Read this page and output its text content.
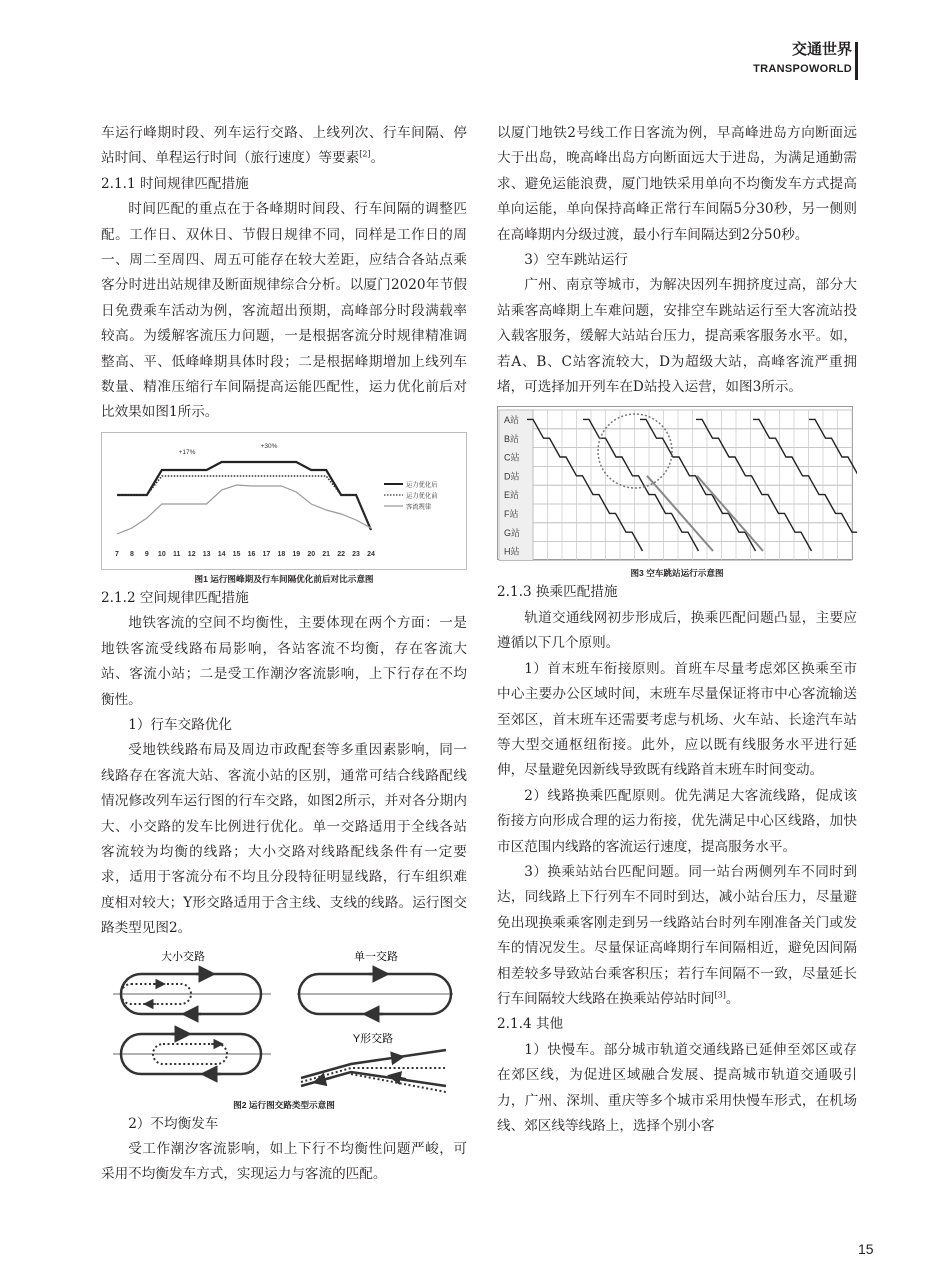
交通世界
TRANSPOWORLD

车运行峰期时段、列车运行交路、上线列次、行车间隔、停站时间、单程运行时间（旅行速度）等要素[2]。

2.1.1 时间规律匹配措施

时间匹配的重点在于各峰期时间段、行车间隔的调整匹配。工作日、双休日、节假日规律不同，同样是工作日的周一、周二至周四、周五可能存在较大差距，应结合各站点乘客分时进出站规律及断面规律综合分析。以厦门2020年节假日免费乘车活动为例，客流超出预期，高峰部分时段满载率较高。为缓解客流压力问题，一是根据客流分时规律精准调整高、平、低峰峰期具体时段；二是根据峰期增加上线列车数量、精准压缩行车间隔提高运能匹配性，运力优化前后对比效果如图1所示。

+17%
+30%
运力优化后
运力优化前
客流规律
7 8 9 10 11 12 13 14 15 16 17 18 19 20 21 22 23 24
图1 运行图峰期及行车间隔优化前后对比示意图

2.1.2 空间规律匹配措施

地铁客流的空间不均衡性，主要体现在两个方面：一是地铁客流受线路布局影响，各站客流不均衡，存在客流大站、客流小站；二是受工作潮汐客流影响，上下行存在不均衡性。

1）行车交路优化

受地铁线路布局及周边市政配套等多重因素影响，同一线路存在客流大站、客流小站的区别，通常可结合线路配线情况修改列车运行图的行车交路，如图2所示，并对各分期内大、小交路的发车比例进行优化。单一交路适用于全线各站客流较为均衡的线路；大小交路对线路配线条件有一定要求，适用于客流分布不均且分段特征明显线路，行车组织难度相对较大；Y形交路适用于含主线、支线的线路。运行图交路类型见图2。

大小交路	单一交路
Y形交路
图2 运行图交路类型示意图

2）不均衡发车

受工作潮汐客流影响，如上下行不均衡性问题严峻，可采用不均衡发车方式，实现运力与客流的匹配。

以厦门地铁2号线工作日客流为例，早高峰进岛方向断面远大于出岛，晚高峰出岛方向断面远大于进岛，为满足通勤需求、避免运能浪费，厦门地铁采用单向不均衡发车方式提高单向运能，单向保持高峰正常行车间隔5分30秒，另一侧则在高峰期内分级过渡，最小行车间隔达到2分50秒。

3）空车跳站运行

广州、南京等城市，为解决因列车拥挤度过高，部分大站乘客高峰期上车难问题，安排空车跳站运行至大客流站投入载客服务，缓解大站站台压力，提高乘客服务水平。如，若A、B、C站客流较大，D为超级大站，高峰客流严重拥堵，可选择加开列车在D站投入运营，如图3所示。

A站
B站
C站
D站
E站
F站
G站
H站
图3 空车跳站运行示意图

2.1.3 换乘匹配措施

轨道交通线网初步形成后，换乘匹配问题凸显，主要应遵循以下几个原则。

1）首末班车衔接原则。首班车尽量考虑郊区换乘至市中心主要办公区域时间，末班车尽量保证将市中心客流输送至郊区，首末班车还需要考虑与机场、火车站、长途汽车站等大型交通枢纽衔接。此外，应以既有线服务水平进行延伸，尽量避免因新线导致既有线路首末班车时间变动。

2）线路换乘匹配原则。优先满足大客流线路，促成该衔接方向形成合理的运力衔接，优先满足中心区线路，加快市区范围内线路的客流运行速度，提高服务水平。

3）换乘站站台匹配问题。同一站台两侧列车不同时到达，同线路上下行列车不同时到达，减小站台压力，尽量避免出现换乘乘客刚走到另一线路站台时列车刚准备关门或发车的情况发生。尽量保证高峰期行车间隔相近，避免因间隔相差较多导致站台乘客积压；若行车间隔不一致，尽量延长行车间隔较大线路在换乘站停站时间[3]。

2.1.4 其他

1）快慢车。部分城市轨道交通线路已延伸至郊区或存在郊区线，为促进区域融合发展、提高城市轨道交通吸引力，广州、深圳、重庆等多个城市采用快慢车形式，在机场线、郊区线等线路上，选择个别小客

15
